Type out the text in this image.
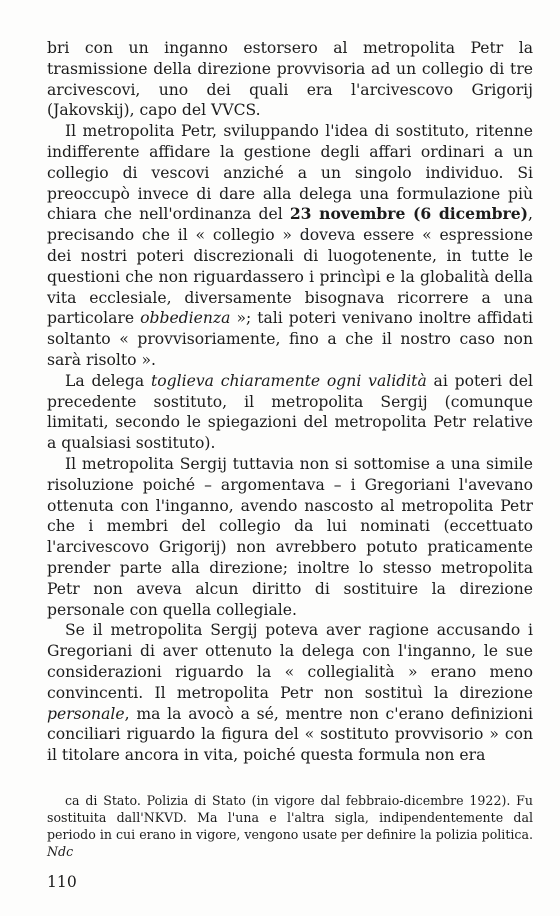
bri con un inganno estorsero al metropolita Petr la trasmissione della direzione provvisoria ad un collegio di tre arcivescovi, uno dei quali era l'arcivescovo Grigorij (Jakovskij), capo del VVCS.

Il metropolita Petr, sviluppando l'idea di sostituto, ritenne indifferente affidare la gestione degli affari ordinari a un collegio di vescovi anziché a un singolo individuo. Si preoccupò invece di dare alla delega una formulazione più chiara che nell'ordinanza del 23 novembre (6 dicembre), precisando che il « collegio » doveva essere « espressione dei nostri poteri discrezionali di luogotenente, in tutte le questioni che non riguardassero i princìpi e la globalità della vita ecclesiale, diversamente bisognava ricorrere a una particolare obbedienza »; tali poteri venivano inoltre affidati soltanto « provvisoriamente, fino a che il nostro caso non sarà risolto ».

La delega toglieva chiaramente ogni validità ai poteri del precedente sostituto, il metropolita Sergij (comunque limitati, secondo le spiegazioni del metropolita Petr relative a qualsiasi sostituto).

Il metropolita Sergij tuttavia non si sottomise a una simile risoluzione poiché – argomentava – i Gregoriani l'avevano ottenuta con l'inganno, avendo nascosto al metropolita Petr che i membri del collegio da lui nominati (eccettuato l'arcivescovo Grigorij) non avrebbero potuto praticamente prender parte alla direzione; inoltre lo stesso metropolita Petr non aveva alcun diritto di sostituire la direzione personale con quella collegiale.

Se il metropolita Sergij poteva aver ragione accusando i Gregoriani di aver ottenuto la delega con l'inganno, le sue considerazioni riguardo la « collegialità » erano meno convincenti. Il metropolita Petr non sostituì la direzione personale, ma la avocò a sé, mentre non c'erano definizioni conciliari riguardo la figura del « sostituto provvisorio » con il titolare ancora in vita, poiché questa formula non era

ca di Stato. Polizia di Stato (in vigore dal febbraio-dicembre 1922). Fu sostituita dall'NKVD. Ma l'una e l'altra sigla, indipendentemente dal periodo in cui erano in vigore, vengono usate per definire la polizia politica. Ndc

110
